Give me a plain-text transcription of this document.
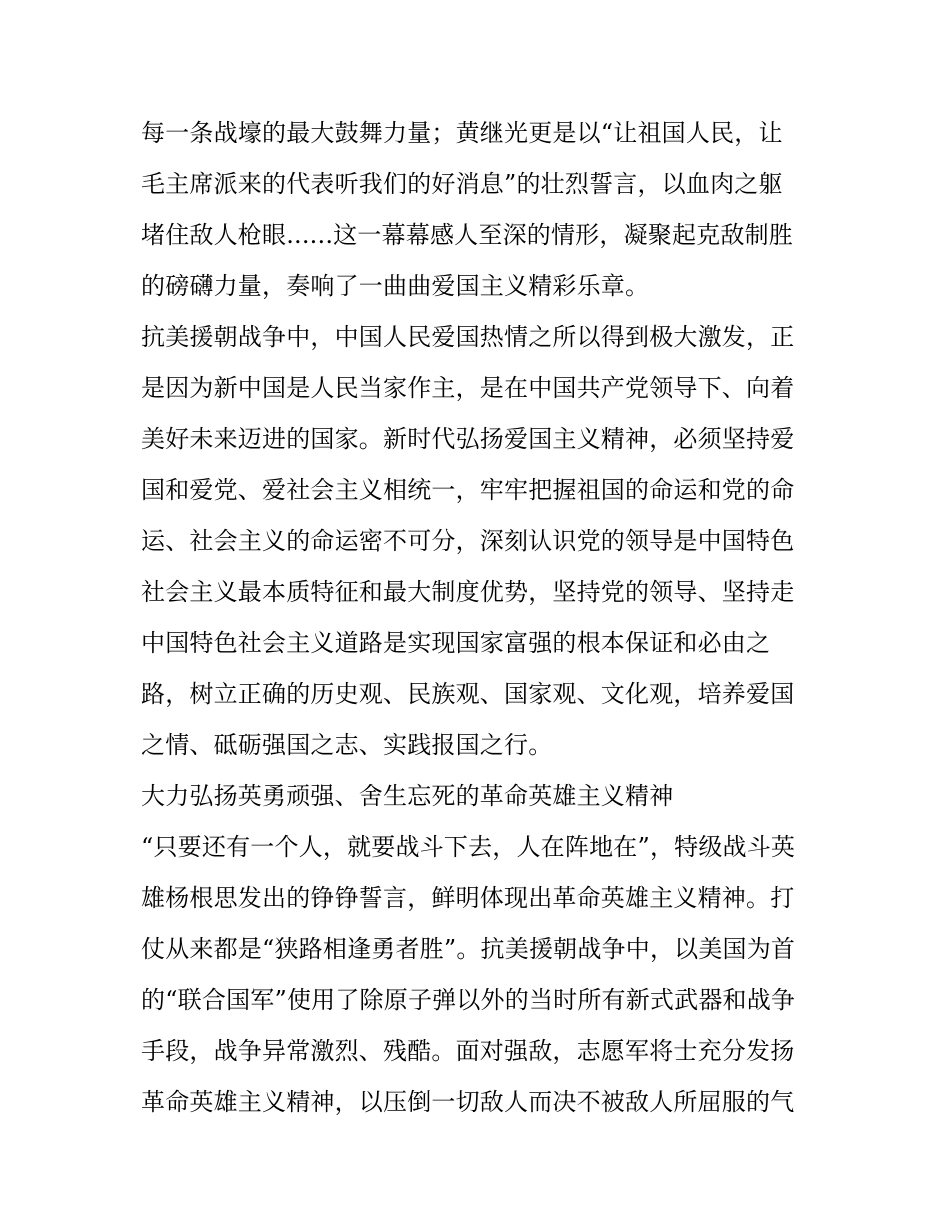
每一条战壕的最大鼓舞力量；黄继光更是以“让祖国人民，让
毛主席派来的代表听我们的好消息”的壮烈誓言，以血肉之躯
堵住敌人枪眼......这一幕幕感人至深的情形，凝聚起克敌制胜
的磅礴力量，奏响了一曲曲爱国主义精彩乐章。
抗美援朝战争中，中国人民爱国热情之所以得到极大激发，正
是因为新中国是人民当家作主，是在中国共产党领导下、向着
美好未来迈进的国家。新时代弘扬爱国主义精神，必须坚持爱
国和爱党、爱社会主义相统一，牢牢把握祖国的命运和党的命
运、社会主义的命运密不可分，深刻认识党的领导是中国特色
社会主义最本质特征和最大制度优势，坚持党的领导、坚持走
中国特色社会主义道路是实现国家富强的根本保证和必由之
路，树立正确的历史观、民族观、国家观、文化观，培养爱国
之情、砥砺强国之志、实践报国之行。
大力弘扬英勇顽强、舍生忘死的革命英雄主义精神
“只要还有一个人，就要战斗下去，人在阵地在”，特级战斗英
雄杨根思发出的铮铮誓言，鲜明体现出革命英雄主义精神。打
仗从来都是“狭路相逢勇者胜”。抗美援朝战争中，以美国为首
的“联合国军”使用了除原子弹以外的当时所有新式武器和战争
手段，战争异常激烈、残酷。面对强敌，志愿军将士充分发扬
革命英雄主义精神，以压倒一切敌人而决不被敌人所屈服的气
